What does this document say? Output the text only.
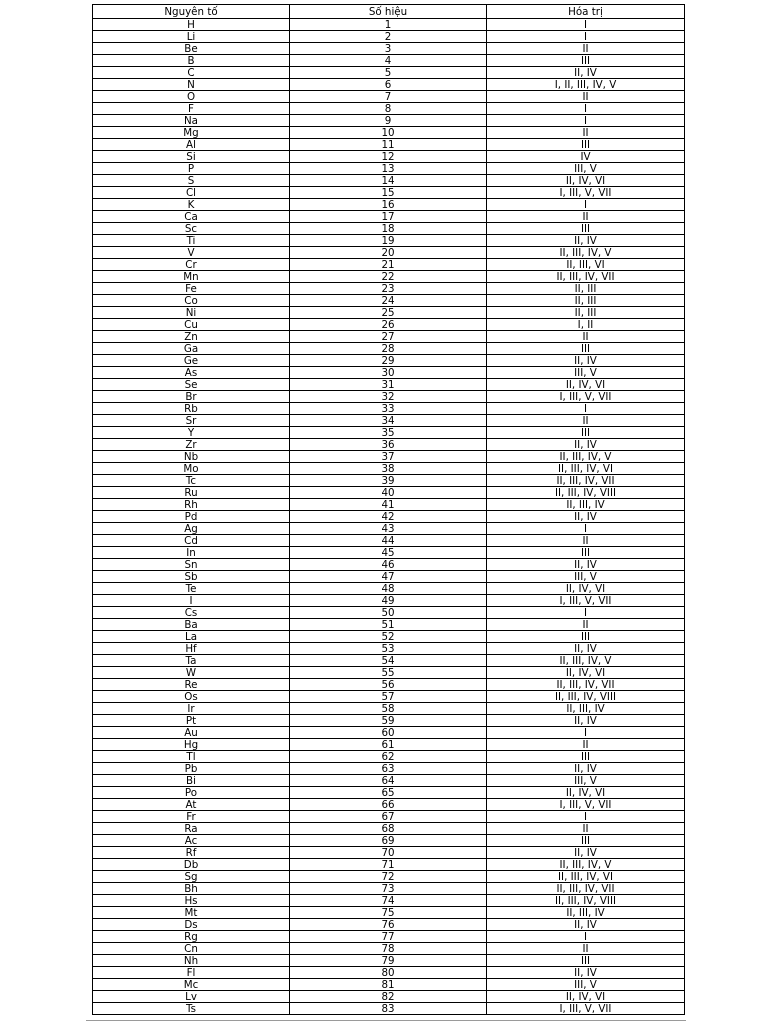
Nguyên tố	Số hiệu	Hóa trị
H	1	I
Li	2	I
Be	3	II
B	4	III
C	5	II, IV
N	6	I, II, III, IV, V
O	7	II
F	8	I
Na	9	I
Mg	10	II
Al	11	III
Si	12	IV
P	13	III, V
S	14	II, IV, VI
Cl	15	I, III, V, VII
K	16	I
Ca	17	II
Sc	18	III
Ti	19	II, IV
V	20	II, III, IV, V
Cr	21	II, III, VI
Mn	22	II, III, IV, VII
Fe	23	II, III
Co	24	II, III
Ni	25	II, III
Cu	26	I, II
Zn	27	II
Ga	28	III
Ge	29	II, IV
As	30	III, V
Se	31	II, IV, VI
Br	32	I, III, V, VII
Rb	33	I
Sr	34	II
Y	35	III
Zr	36	II, IV
Nb	37	II, III, IV, V
Mo	38	II, III, IV, VI
Tc	39	II, III, IV, VII
Ru	40	II, III, IV, VIII
Rh	41	II, III, IV
Pd	42	II, IV
Ag	43	I
Cd	44	II
In	45	III
Sn	46	II, IV
Sb	47	III, V
Te	48	II, IV, VI
I	49	I, III, V, VII
Cs	50	I
Ba	51	II
La	52	III
Hf	53	II, IV
Ta	54	II, III, IV, V
W	55	II, IV, VI
Re	56	II, III, IV, VII
Os	57	II, III, IV, VIII
Ir	58	II, III, IV
Pt	59	II, IV
Au	60	I
Hg	61	II
Tl	62	III
Pb	63	II, IV
Bi	64	III, V
Po	65	II, IV, VI
At	66	I, III, V, VII
Fr	67	I
Ra	68	II
Ac	69	III
Rf	70	II, IV
Db	71	II, III, IV, V
Sg	72	II, III, IV, VI
Bh	73	II, III, IV, VII
Hs	74	II, III, IV, VIII
Mt	75	II, III, IV
Ds	76	II, IV
Rg	77	I
Cn	78	II
Nh	79	III
Fl	80	II, IV
Mc	81	III, V
Lv	82	II, IV, VI
Ts	83	I, III, V, VII
